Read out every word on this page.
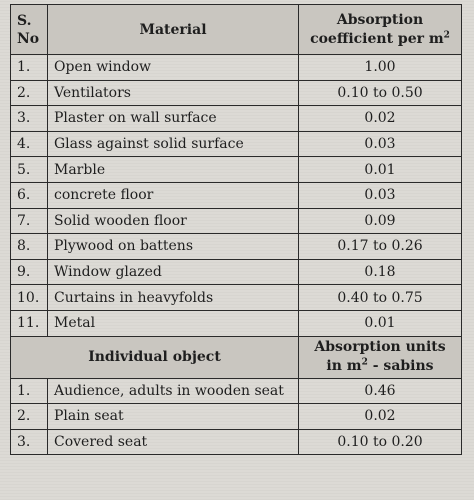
S.
No	Material	Absorption
coefficient per $m^2$
1.	Open window	1.00
2.	Ventilators	0.10 to 0.50
3.	Plaster on wall surface	0.02
4.	Glass against solid surface	0.03
5.	Marble	0.01
6.	concrete floor	0.03
7.	Solid wooden floor	0.09
8.	Plywood on battens	0.17 to 0.26
9.	Window glazed	0.18
10.	Curtains in heavyfolds	0.40 to 0.75
11.	Metal	0.01
Individual object		Absorption units
in $m^2$ - sabins
1.	Audience, adults in wooden seat	0.46
2.	Plain seat	0.02
3.	Covered seat	0.10 to 0.20
